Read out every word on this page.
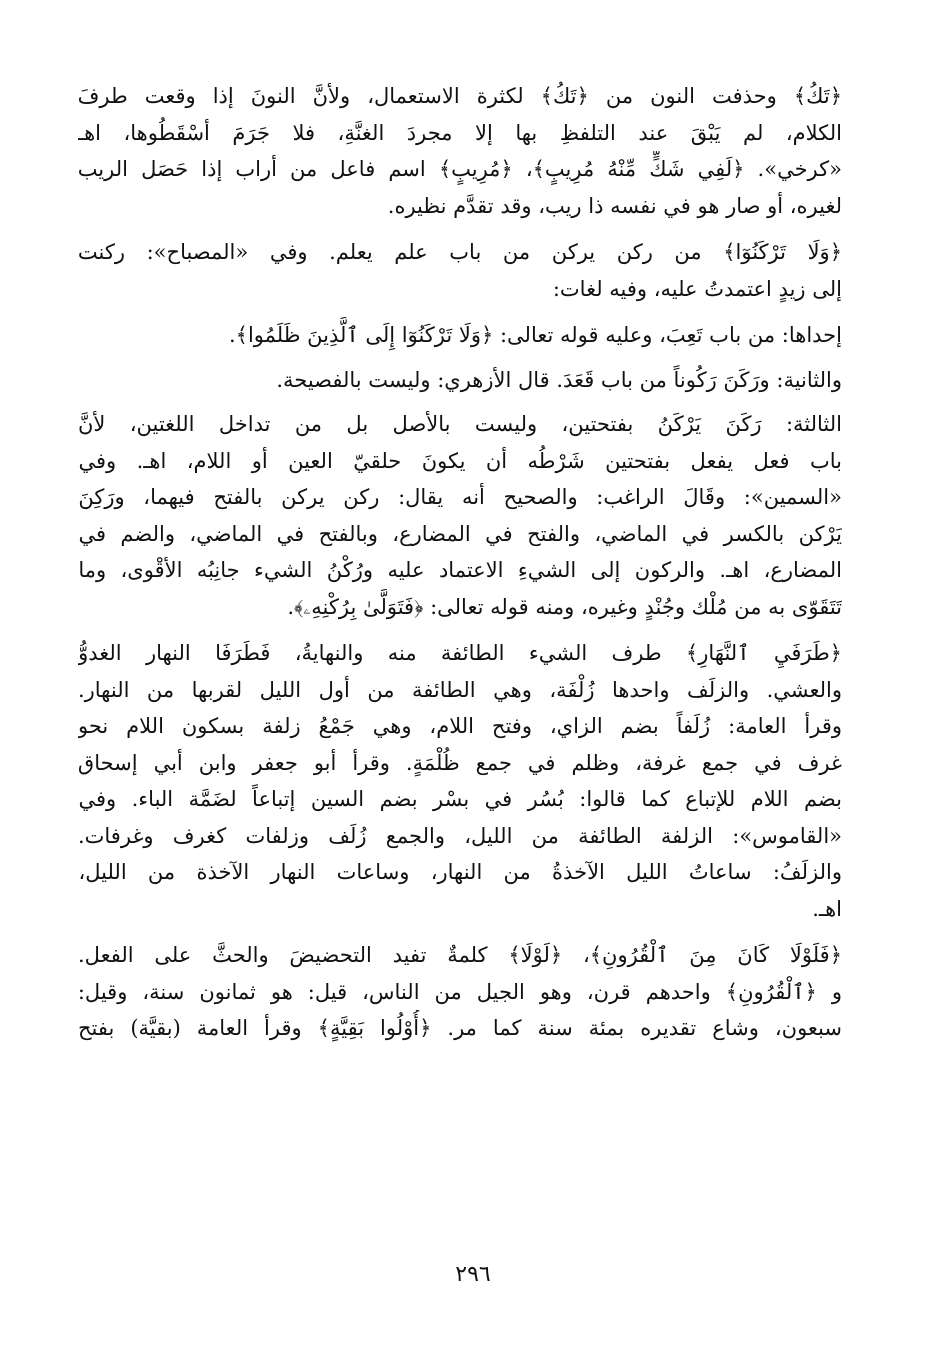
﴿تَكُ﴾ وحذفت النون من ﴿تَكُ﴾ لكثرة الاستعمال، ولأنَّ النونَ إذا وقعت طرفَ
الكلام، لم يَبْقَ عند التلفظِ بها إلا مجردَ الغنَّةِ، فلا جَرَمَ أسْقَطُوها، اهـ
«كرخي». ﴿لَفِي شَكٍّ مِّنْهُ مُرِيبٍ﴾، ﴿مُرِيبٍ﴾ اسم فاعل من أراب إذا حَصَل الريب
لغيره، أو صار هو في نفسه ذا ريب، وقد تقدَّم نظيره.
﴿وَلَا تَرْكَنُوٓا﴾ من ركن يركن من باب علم يعلم. وفي «المصباح»: ركنت
إلى زيدٍ اعتمدتُ عليه، وفيه لغات:
إحداها: من باب تَعِبَ، وعليه قوله تعالى: ﴿وَلَا تَرْكَنُوٓا إِلَى ٱلَّذِينَ ظَلَمُوا﴾.
والثانية: ورَكَنَ رَكُوناً من باب قَعَدَ. قال الأزهري: وليست بالفصيحة.
الثالثة: رَكَنَ يَرْكَنُ بفتحتين، وليست بالأصل بل من تداخل اللغتين، لأنَّ
باب فعل يفعل بفتحتين شَرْطُه أن يكونَ حلقيّ العين أو اللام، اهـ. وفي
«السمين»: وقَالَ الراغب: والصحيح أنه يقال: ركن يركن بالفتح فيهما، ورَكِنَ
يَرْكن بالكسر في الماضي، والفتح في المضارع، وبالفتح في الماضي، والضم في
المضارع، اهـ. والركون إلى الشيءِ الاعتماد عليه ورُكْنُ الشيء جانِبُه الأقْوى، وما
تَتَقَوّى به من مُلْك وجُنْدٍ وغيره، ومنه قوله تعالى: ﴿فَتَوَلَّىٰ بِرُكْنِهِۦ﴾.
﴿طَرَفَيِ ٱلنَّهَارِ﴾ طرف الشيء الطائفة منه والنهايةُ، فَطَرَفَا النهار الغدوُّ
والعشي. والزلَف واحدها زُلْفَة، وهي الطائفة من أول الليل لقربها من النهار.
وقرأ العامة: زُلَفاً بضم الزاي، وفتح اللام، وهي جَمْعُ زلفة بسكون اللام نحو
غرف في جمع غرفة، وظلم في جمع ظُلْمَةٍ. وقرأ أبو جعفر وابن أبي إسحاق
بضم اللام للإتباع كما قالوا: بُسُر في بسْر بضم السين إتباعاً لضَمَّة الباء. وفي
«القاموس»: الزلفة الطائفة من الليل، والجمع زُلَف وزلفات كغرف وغرفات.
والزلَفُ: ساعاتُ الليل الآخذةُ من النهار، وساعات النهار الآخذة من الليل،
اهـ.
﴿فَلَوْلَا كَانَ مِنَ ٱلْقُرُونِ﴾، ﴿لَوْلَا﴾ كلمةٌ تفيد التحضيضَ والحثَّ على الفعل.
و ﴿ٱلْقُرُونِ﴾ واحدهم قرن، وهو الجيل من الناس، قيل: هو ثمانون سنة، وقيل:
سبعون، وشاع تقديره بمئة سنة كما مر. ﴿أُوْلُوا بَقِيَّةٍ﴾ وقرأ العامة (بقيَّة) بفتح
٢٩٦
